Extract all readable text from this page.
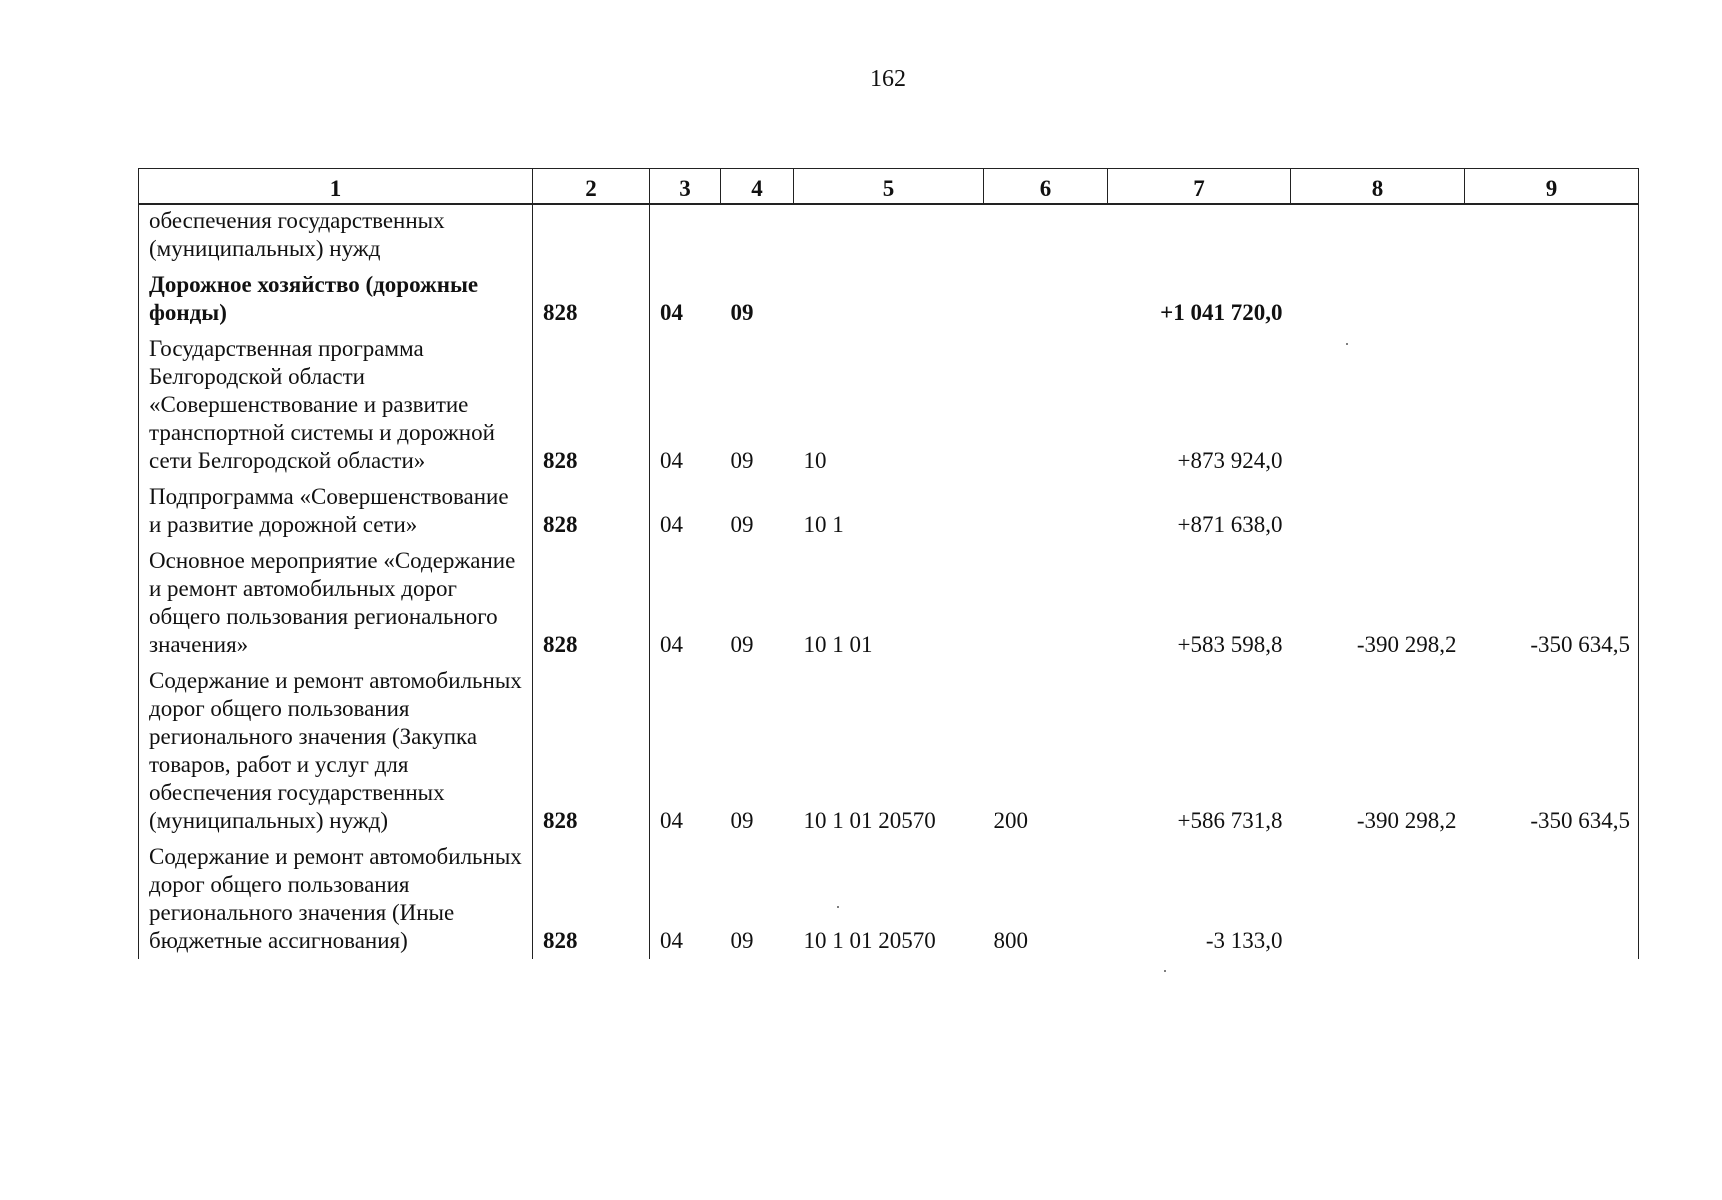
162
1	2	3	4	5	6	7	8	9
обеспечения государственных (муниципальных) нужд								
Дорожное хозяйство (дорожные фонды)	828	04	09			+1 041 720,0		
Государственная программа Белгородской области «Совершенствование и развитие транспортной системы и дорожной сети Белгородской области»	828	04	09	10		+873 924,0		
Подпрограмма «Совершенствование и развитие дорожной сети»	828	04	09	10 1		+871 638,0		
Основное мероприятие «Содержание и ремонт автомобильных дорог общего пользования регионального значения»	828	04	09	10 1 01		+583 598,8	-390 298,2	-350 634,5
Содержание и ремонт автомобильных дорог общего пользования регионального значения (Закупка товаров, работ и услуг для обеспечения государственных (муниципальных) нужд)	828	04	09	10 1 01 20570	200	+586 731,8	-390 298,2	-350 634,5
Содержание и ремонт автомобильных дорог общего пользования регионального значения (Иные бюджетные ассигнования)	828	04	09	10 1 01 20570	800	-3 133,0		
